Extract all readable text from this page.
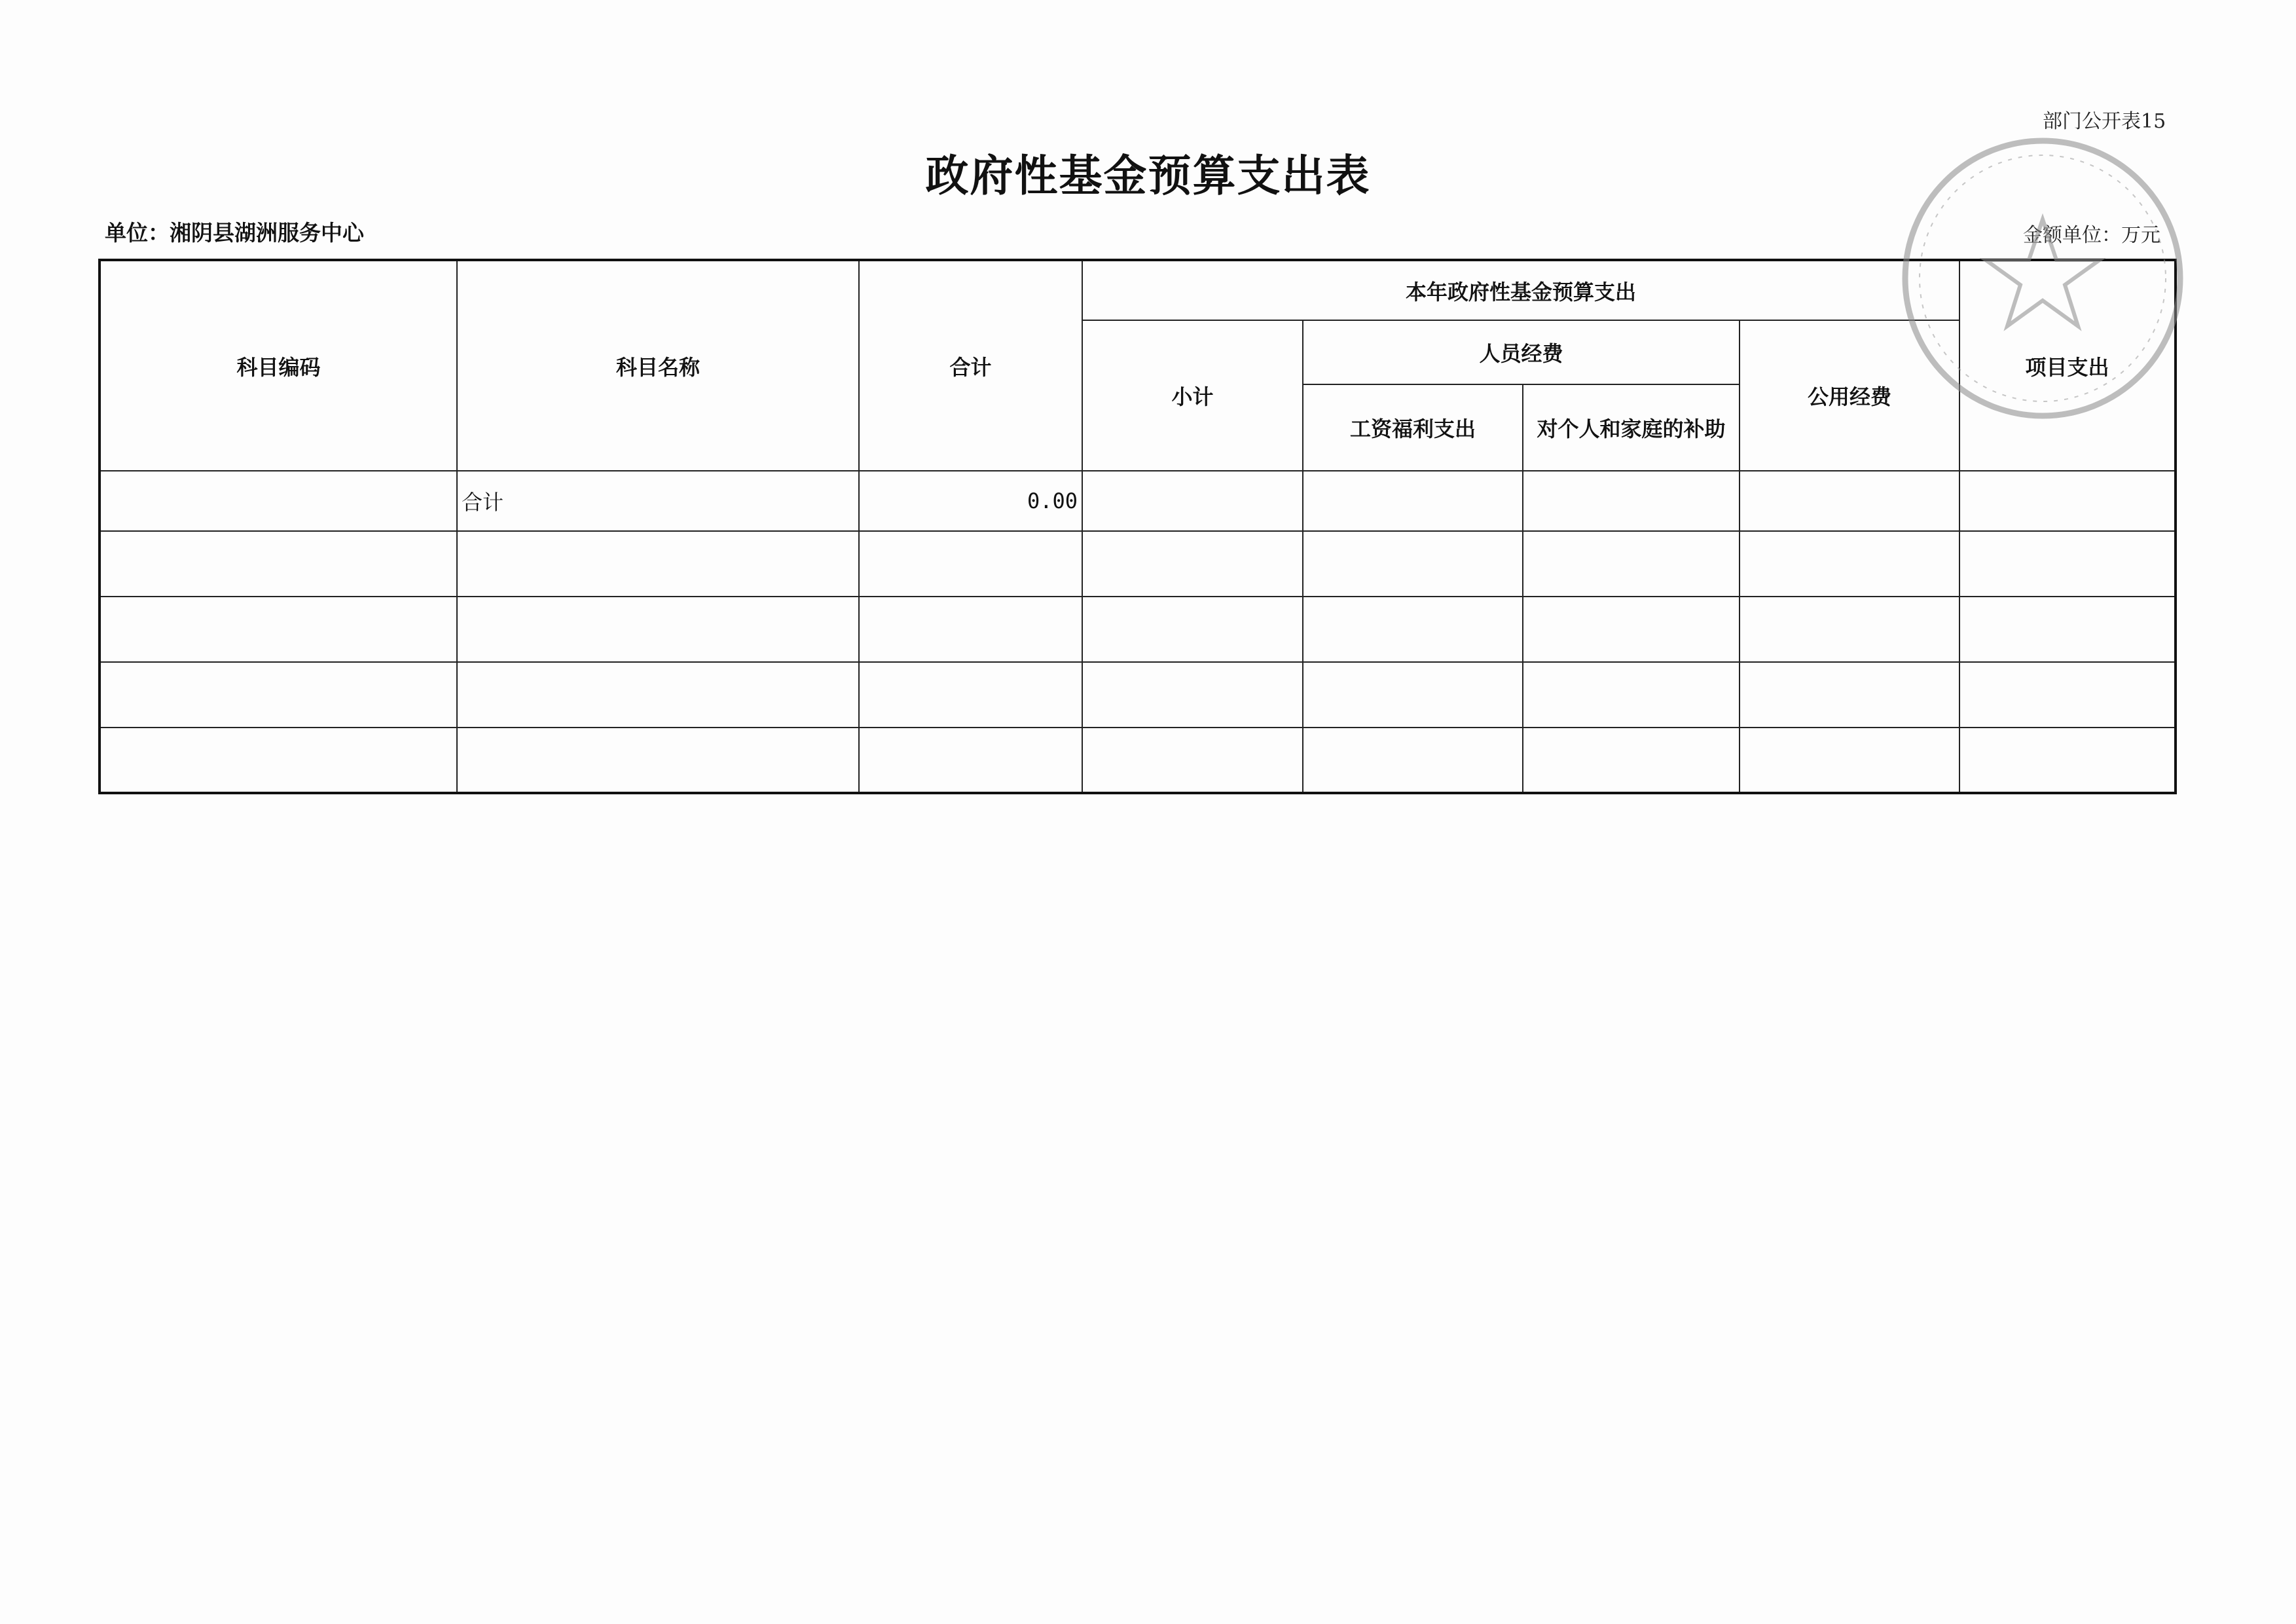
部门公开表15
政府性基金预算支出表
单位：湘阴县湖洲服务中心	金额单位：万元
科目编码	科目名称	合计	本年政府性基金预算支出				项目支出
			小计	人员经费		公用经费	
				工资福利支出	对个人和家庭的补助		
	合计	0.00					
